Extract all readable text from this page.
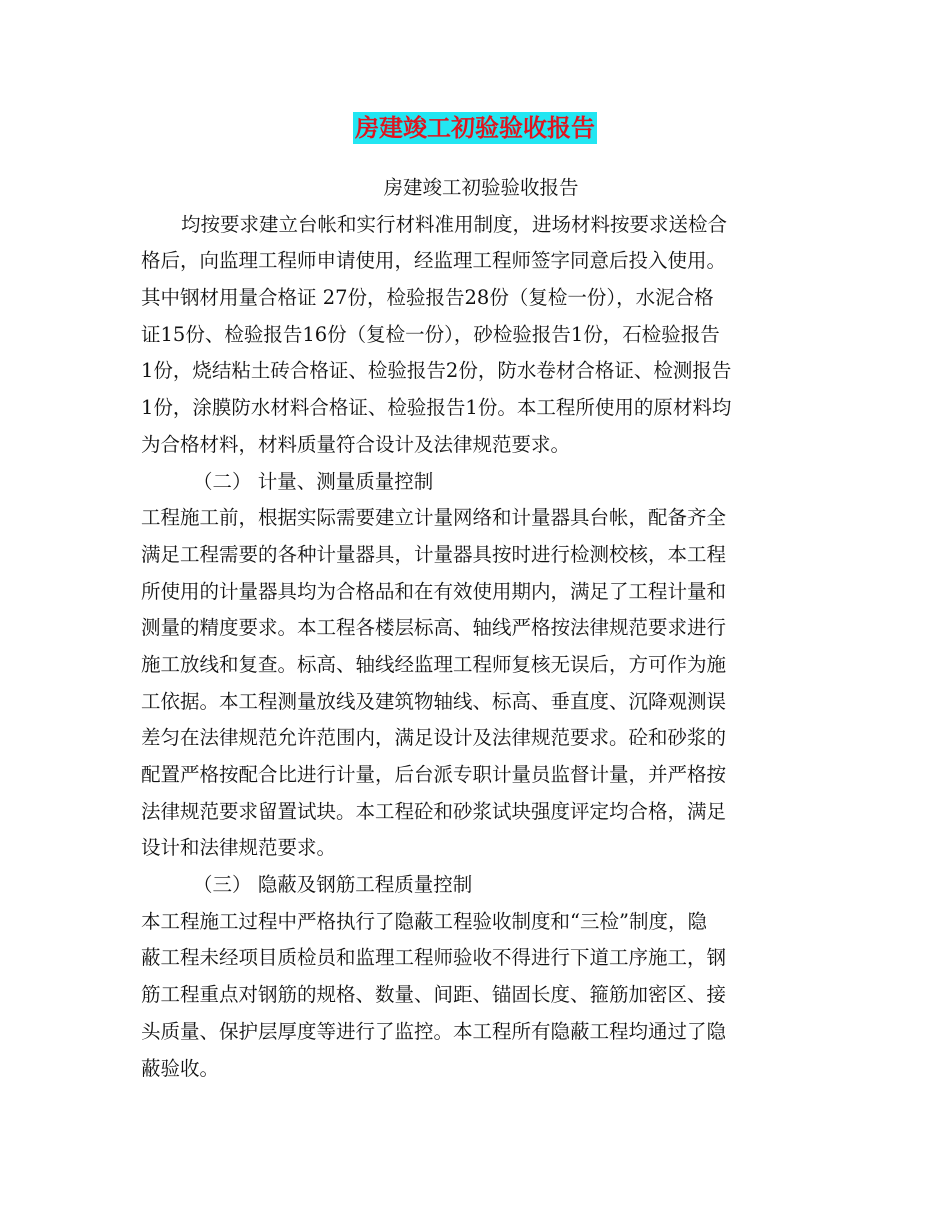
房建竣工初验验收报告
房建竣工初验验收报告
均按要求建立台帐和实行材料准用制度，进场材料按要求送检合
格后，向监理工程师申请使用，经监理工程师签字同意后投入使用。
其中钢材用量合格证 27份，检验报告28份（复检一份），水泥合格
证15份、检验报告16份（复检一份），砂检验报告1份，石检验报告
1份，烧结粘土砖合格证、检验报告2份，防水卷材合格证、检测报告
1份，涂膜防水材料合格证、检验报告1份。本工程所使用的原材料均
为合格材料，材料质量符合设计及法律规范要求。
（二） 计量、测量质量控制
工程施工前，根据实际需要建立计量网络和计量器具台帐，配备齐全
满足工程需要的各种计量器具，计量器具按时进行检测校核，本工程
所使用的计量器具均为合格品和在有效使用期内，满足了工程计量和
测量的精度要求。本工程各楼层标高、轴线严格按法律规范要求进行
施工放线和复查。标高、轴线经监理工程师复核无误后，方可作为施
工依据。本工程测量放线及建筑物轴线、标高、垂直度、沉降观测误
差匀在法律规范允许范围内，满足设计及法律规范要求。砼和砂浆的
配置严格按配合比进行计量，后台派专职计量员监督计量，并严格按
法律规范要求留置试块。本工程砼和砂浆试块强度评定均合格，满足
设计和法律规范要求。
（三） 隐蔽及钢筋工程质量控制
本工程施工过程中严格执行了隐蔽工程验收制度和“三检”制度，隐
蔽工程未经项目质检员和监理工程师验收不得进行下道工序施工，钢
筋工程重点对钢筋的规格、数量、间距、锚固长度、箍筋加密区、接
头质量、保护层厚度等进行了监控。本工程所有隐蔽工程均通过了隐
蔽验收。
